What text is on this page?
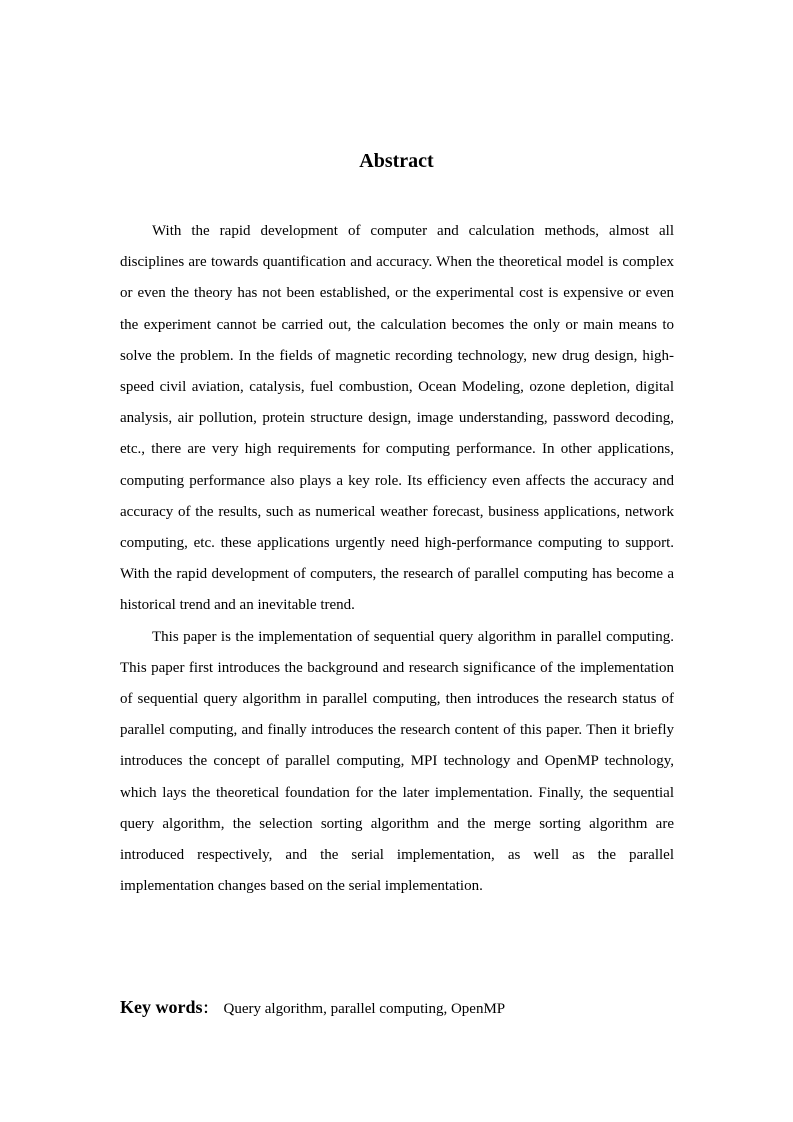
Abstract

With the rapid development of computer and calculation methods, almost all disciplines are towards quantification and accuracy. When the theoretical model is complex or even the theory has not been established, or the experimental cost is expensive or even the experiment cannot be carried out, the calculation becomes the only or main means to solve the problem. In the fields of magnetic recording technology, new drug design, high-speed civil aviation, catalysis, fuel combustion, Ocean Modeling, ozone depletion, digital analysis, air pollution, protein structure design, image understanding, password decoding, etc., there are very high requirements for computing performance. In other applications, computing performance also plays a key role. Its efficiency even affects the accuracy and accuracy of the results, such as numerical weather forecast, business applications, network computing, etc. these applications urgently need high-performance computing to support. With the rapid development of computers, the research of parallel computing has become a historical trend and an inevitable trend.

This paper is the implementation of sequential query algorithm in parallel computing. This paper first introduces the background and research significance of the implementation of sequential query algorithm in parallel computing, then introduces the research status of parallel computing, and finally introduces the research content of this paper. Then it briefly introduces the concept of parallel computing, MPI technology and OpenMP technology, which lays the theoretical foundation for the later implementation. Finally, the sequential query algorithm, the selection sorting algorithm and the merge sorting algorithm are introduced respectively, and the serial implementation, as well as the parallel implementation changes based on the serial implementation.

Key words： Query algorithm, parallel computing, OpenMP
